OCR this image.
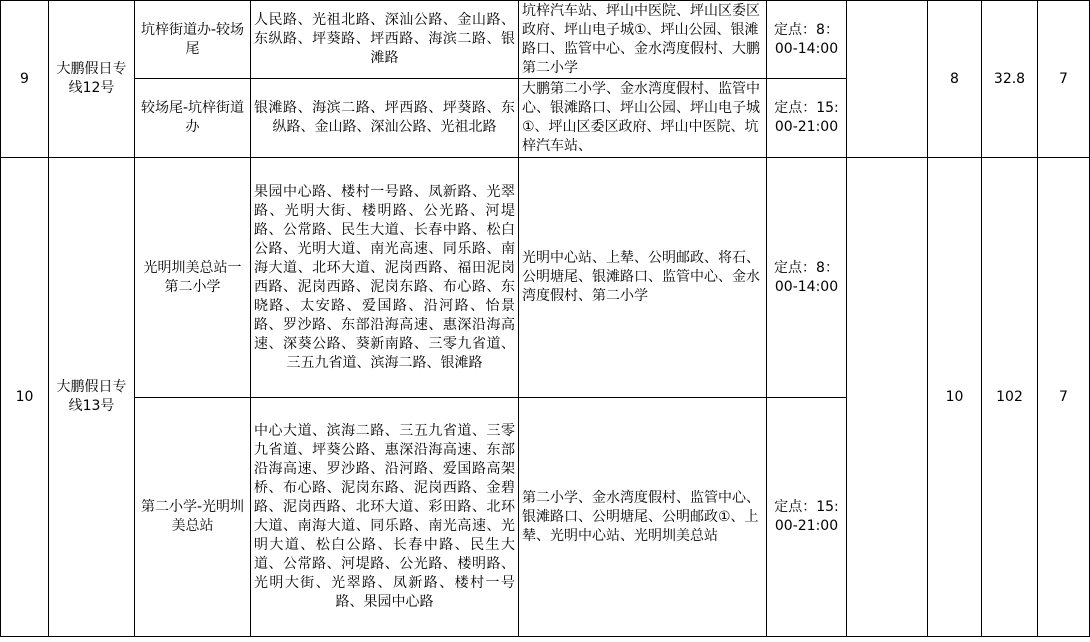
9	大鹏假日专线12号	坑梓街道办-较场尾	人民路、光祖北路、深汕公路、金山路、东纵路、坪葵路、坪西路、海滨二路、银滩路	坑梓汽车站、坪山中医院、坪山区委区政府、坪山电子城①、坪山公园、银滩路口、监管中心、金水湾度假村、大鹏第二小学	定点：8：00-14:00		8	32.8	7
		较场尾-坑梓街道办	银滩路、海滨二路、坪西路、坪葵路、东纵路、金山路、深汕公路、光祖北路	大鹏第二小学、金水湾度假村、监管中心、银滩路口、坪山公园、坪山电子城①、坪山区委区政府、坪山中医院、坑梓汽车站、	定点：15:00-21:00				
10	大鹏假日专线13号	光明圳美总站一第二小学	果园中心路、楼村一号路、凤新路、光翠路、光明大街、楼明路、公光路、河堤路、公常路、民生大道、长春中路、松白公路、光明大道、南光高速、同乐路、南海大道、北环大道、泥岗西路、福田泥岗西路、泥岗西路、泥岗东路、布心路、东晓路、太安路、爱国路、沿河路、怡景路、罗沙路、东部沿海高速、惠深沿海高速、深葵公路、葵新南路、三零九省道、三五九省道、滨海二路、银滩路	光明中心站、上辇、公明邮政、将石、公明塘尾、银滩路口、监管中心、金水湾度假村、第二小学	定点：8：00-14:00		10	102	7
		第二小学-光明圳美总站	中心大道、滨海二路、三五九省道、三零九省道、坪葵公路、惠深沿海高速、东部沿海高速、罗沙路、沿河路、爱国路高架桥、布心路、泥岗东路、泥岗西路、金碧路、泥岗西路、北环大道、彩田路、北环大道、南海大道、同乐路、南光高速、光明大道、松白公路、长春中路、民生大道、公常路、河堤路、公光路、楼明路、光明大街、光翠路、凤新路、楼村一号路、果园中心路	第二小学、金水湾度假村、监管中心、银滩路口、公明塘尾、公明邮政①、上辇、光明中心站、光明圳美总站	定点：15:00-21:00				
